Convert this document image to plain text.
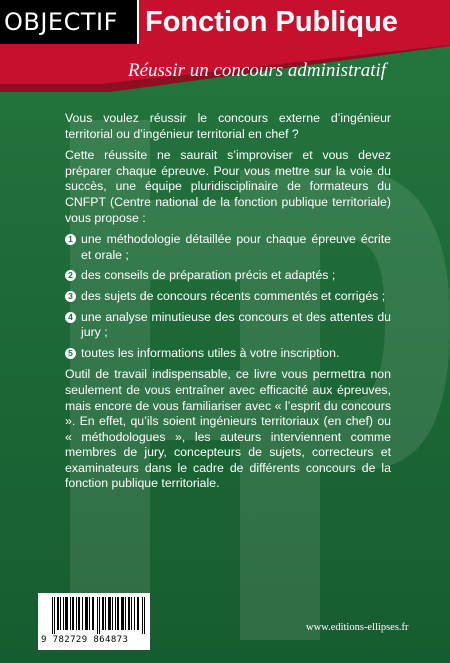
OBJECTIF Fonction Publique
Réussir un concours administratif

Vous voulez réussir le concours externe d’ingénieur territorial ou d’ingénieur territorial en chef ?

Cette réussite ne saurait s’improviser et vous devez préparer chaque épreuve. Pour vous mettre sur la voie du succès, une équipe pluridisciplinaire de formateurs du CNFPT (Centre national de la fonction publique territoriale) vous propose :

1 une méthodologie détaillée pour chaque épreuve écrite et orale ;
2 des conseils de préparation précis et adaptés ;
3 des sujets de concours récents commentés et corrigés ;
4 une analyse minutieuse des concours et des attentes du jury ;
5 toutes les informations utiles à votre inscription.

Outil de travail indispensable, ce livre vous permettra non seulement de vous entraîner avec efficacité aux épreuves, mais encore de vous familiariser avec « l’esprit du concours ». En effet, qu’ils soient ingénieurs territoriaux (en chef) ou « méthodologues », les auteurs interviennent comme membres de jury, concepteurs de sujets, correcteurs et examinateurs dans le cadre de différents concours de la fonction publique territoriale.

9 782729 864873
www.editions-ellipses.fr
